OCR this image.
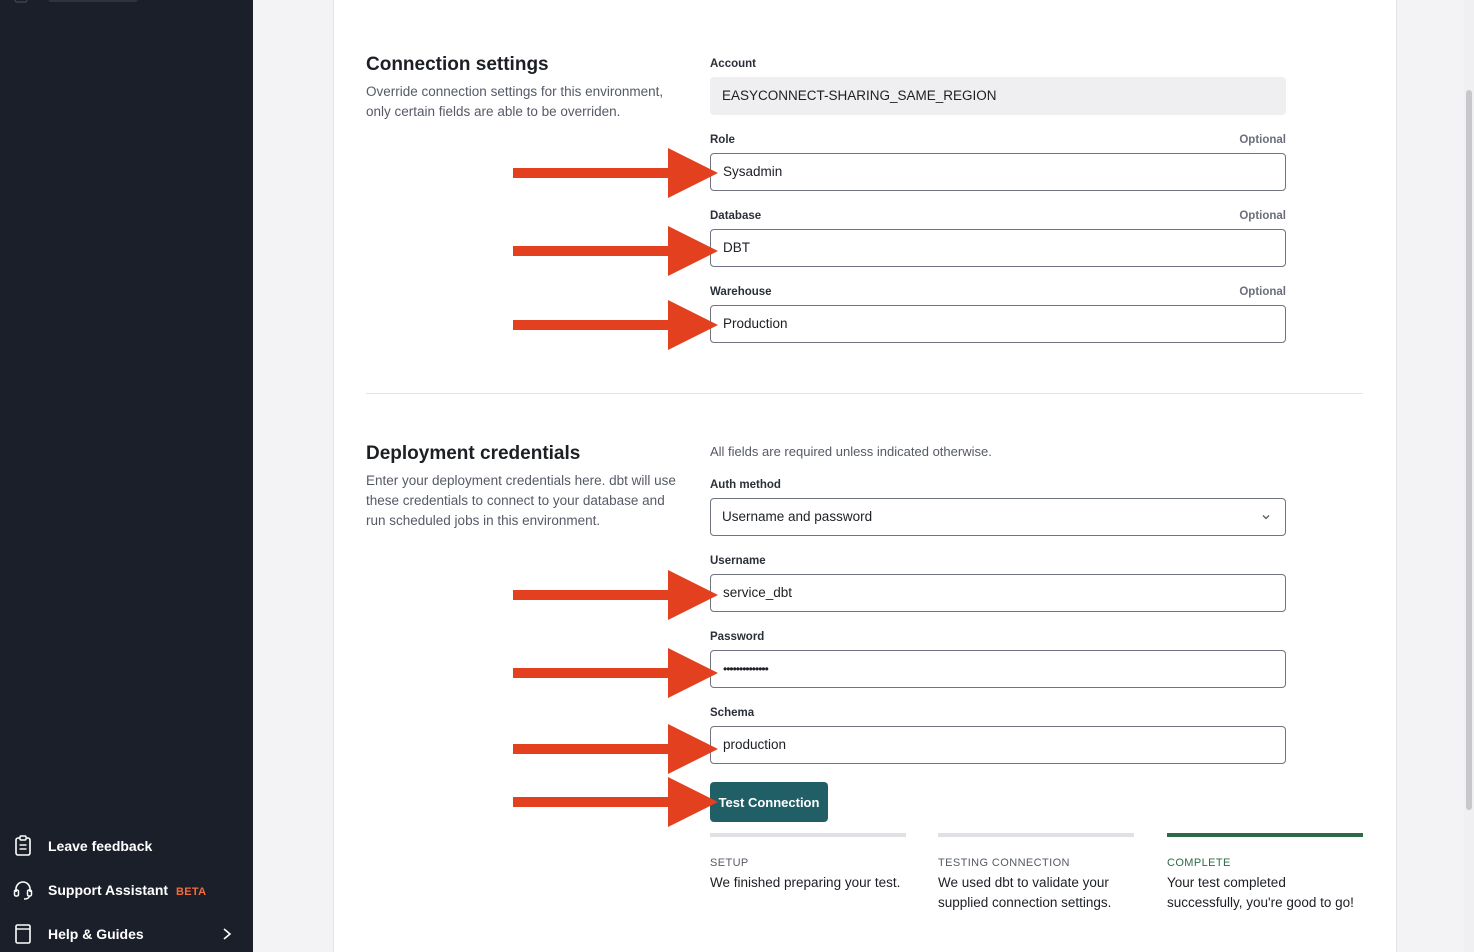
Leave feedback
Support Assistant BETA
Help & Guides
Connection settings
Override connection settings for this environment, only certain fields are able to be overriden.
Account
EASYCONNECT-SHARING_SAME_REGION
Role	Optional
Sysadmin
Database	Optional
DBT
Warehouse	Optional
Production
Deployment credentials
Enter your deployment credentials here. dbt will use these credentials to connect to your database and run scheduled jobs in this environment.
All fields are required unless indicated otherwise.
Auth method
Username and password
Username
service_dbt
Password
••••••••••••••
Schema
production
Test Connection
SETUP
We finished preparing your test.
TESTING CONNECTION
We used dbt to validate your supplied connection settings.
COMPLETE
Your test completed successfully, you're good to go!
